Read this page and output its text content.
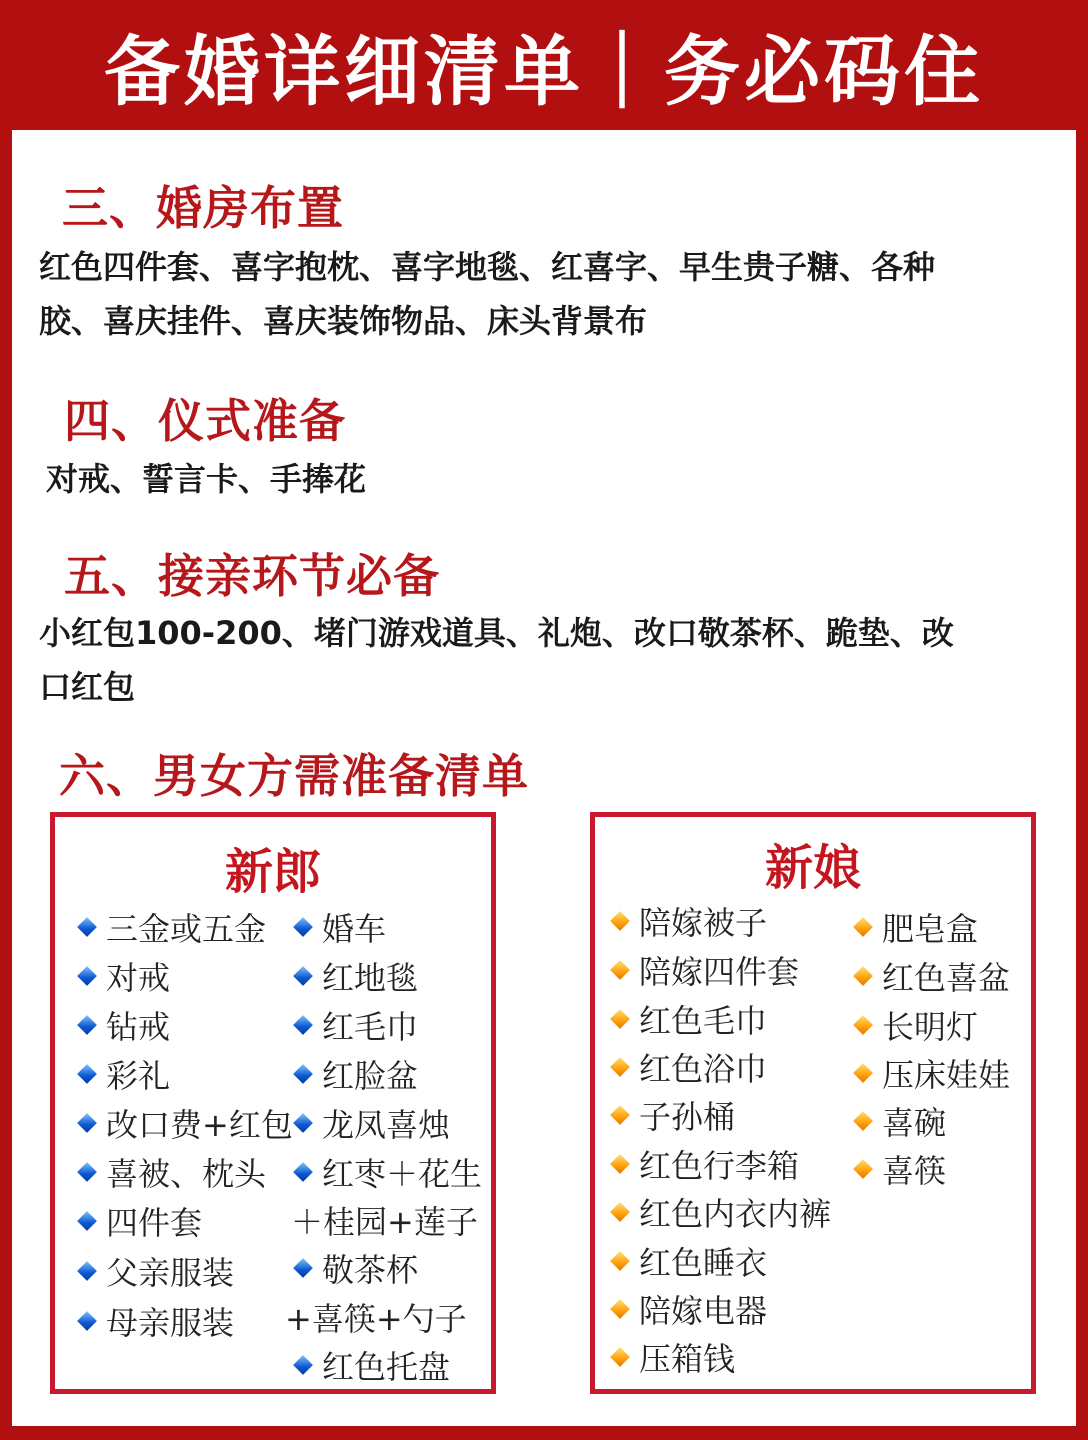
备婚详细清单｜务必码住
三、婚房布置
红色四件套、喜字抱枕、喜字地毯、红喜字、早生贵子糖、各种
胶、喜庆挂件、喜庆装饰物品、床头背景布
四、仪式准备
对戒、誓言卡、手捧花
五、接亲环节必备
小红包100-200、堵门游戏道具、礼炮、改口敬茶杯、跪垫、改
口红包
六、男女方需准备清单
新郎
三金或五金
对戒
钻戒
彩礼
改口费+红包
喜被、枕头
四件套
父亲服装
母亲服装
婚车
红地毯
红毛巾
红脸盆
龙凤喜烛
红枣＋花生
＋桂园+莲子
敬茶杯
+喜筷+勺子
红色托盘
新娘
陪嫁被子
陪嫁四件套
红色毛巾
红色浴巾
子孙桶
红色行李箱
红色内衣内裤
红色睡衣
陪嫁电器
压箱钱
肥皂盒
红色喜盆
长明灯
压床娃娃
喜碗
喜筷
